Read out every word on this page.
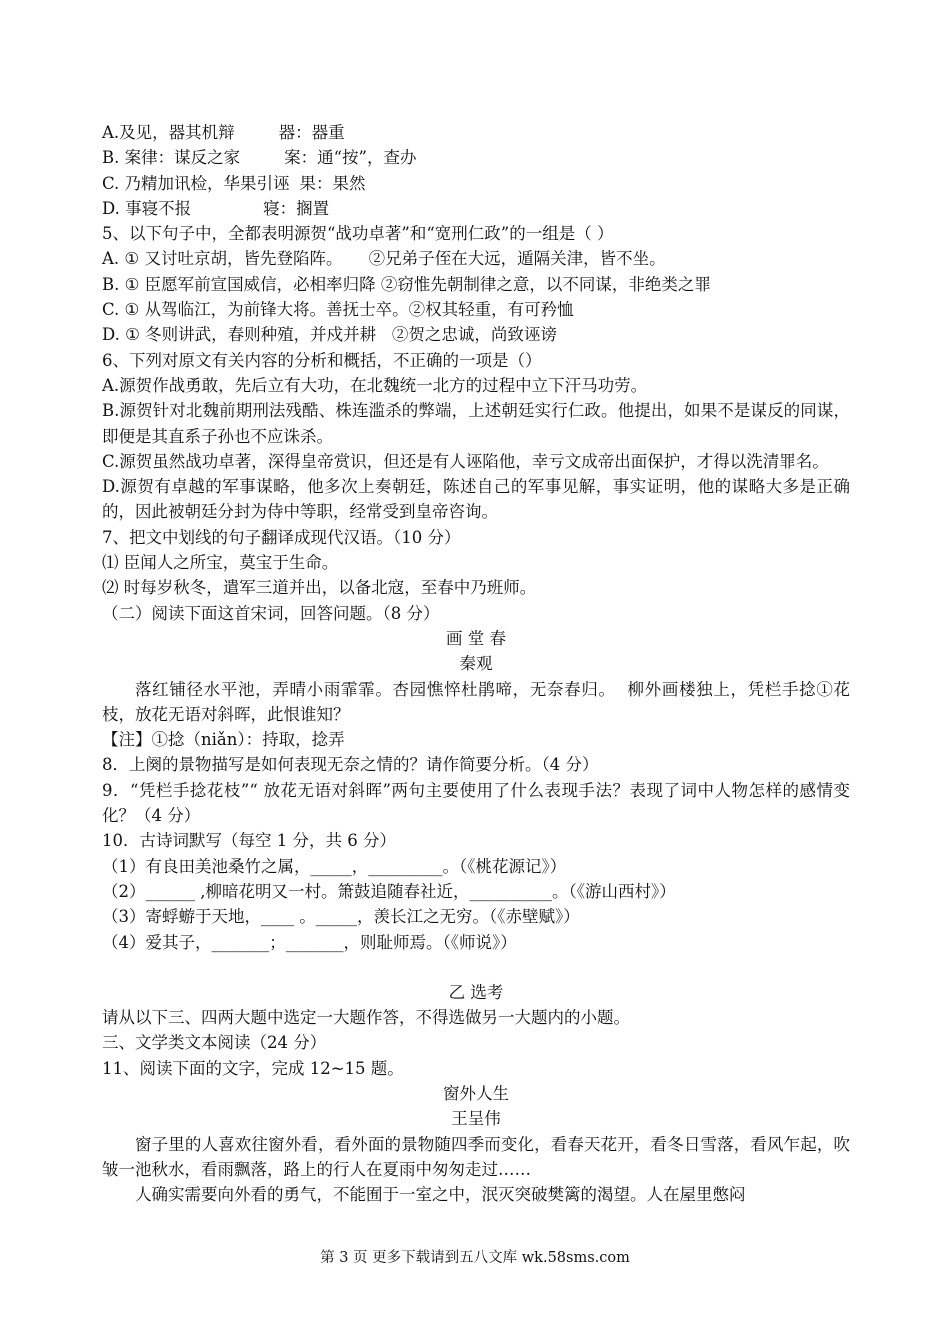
A.及见，器其机辩	器：器重
B. 案律：谋反之家	案：通“按”，查办
C. 乃精加讯检，华果引诬 果：果然
D. 事寝不报	寝：搁置
5、以下句子中，全都表明源贺“战功卓著”和“宽刑仁政”的一组是（ ）
A. ① 又讨吐京胡，皆先登陷阵。     ②兄弟子侄在大远，遁隔关津，皆不坐。
B. ① 臣愿军前宣国威信，必相率归降 ②窃惟先朝制律之意，以不同谋，非绝类之罪
C. ① 从驾临江，为前锋大将。善抚士卒。②权其轻重，有可矜恤
D. ① 冬则讲武，春则种殖，并戍并耕   ②贺之忠诚，尚致诬谤
6、下列对原文有关内容的分析和概括，不正确的一项是（）
A.源贺作战勇敢，先后立有大功，在北魏统一北方的过程中立下汗马功劳。
B.源贺针对北魏前期刑法残酷、株连滥杀的弊端，上述朝廷实行仁政。他提出，如果不是谋反的同谋，即便是其直系子孙也不应诛杀。
C.源贺虽然战功卓著，深得皇帝赏识，但还是有人诬陷他，幸亏文成帝出面保护，才得以洗清罪名。
D.源贺有卓越的军事谋略，他多次上奏朝廷，陈述自己的军事见解，事实证明，他的谋略大多是正确的，因此被朝廷分封为侍中等职，经常受到皇帝咨询。
7、把文中划线的句子翻译成现代汉语。（10 分）
⑴ 臣闻人之所宝，莫宝于生命。
⑵ 时每岁秋冬，遣军三道并出，以备北寇，至春中乃班师。
（二）阅读下面这首宋词，回答问题。（8 分）
画 堂 春
秦观
落红铺径水平池，弄晴小雨霏霏。杏园憔悴杜鹃啼，无奈春归。  柳外画楼独上，凭栏手捻①花枝，放花无语对斜晖，此恨谁知？
【注】①捻（niǎn）：持取，捻弄
8．上阕的景物描写是如何表现无奈之情的？请作简要分析。（4 分）
9．“凭栏手捻花枝”“ 放花无语对斜晖”两句主要使用了什么表现手法？表现了词中人物怎样的感情变化？（4 分）
10．古诗词默写（每空 1 分，共 6 分）
（1）有良田美池桑竹之属，_____，_________。（《桃花源记》）
（2）______ ,柳暗花明又一村。箫鼓追随春社近，__________。（《游山西村》）
（3）寄蜉蝣于天地，____ 。_____，羡长江之无穷。（《赤壁赋》）
（4）爱其子，_______；_______，则耻师焉。（《师说》）
乙 选考
请从以下三、四两大题中选定一大题作答，不得选做另一大题内的小题。
三、文学类文本阅读（24 分）
11、阅读下面的文字，完成 12~15 题。
窗外人生
王呈伟
窗子里的人喜欢往窗外看，看外面的景物随四季而变化，看春天花开，看冬日雪落，看风乍起，吹皱一池秋水，看雨飘落，路上的行人在夏雨中匆匆走过……
人确实需要向外看的勇气，不能囿于一室之中，泯灭突破樊篱的渴望。人在屋里憋闷
第 3 页 更多下载请到五八文库 wk.58sms.com
